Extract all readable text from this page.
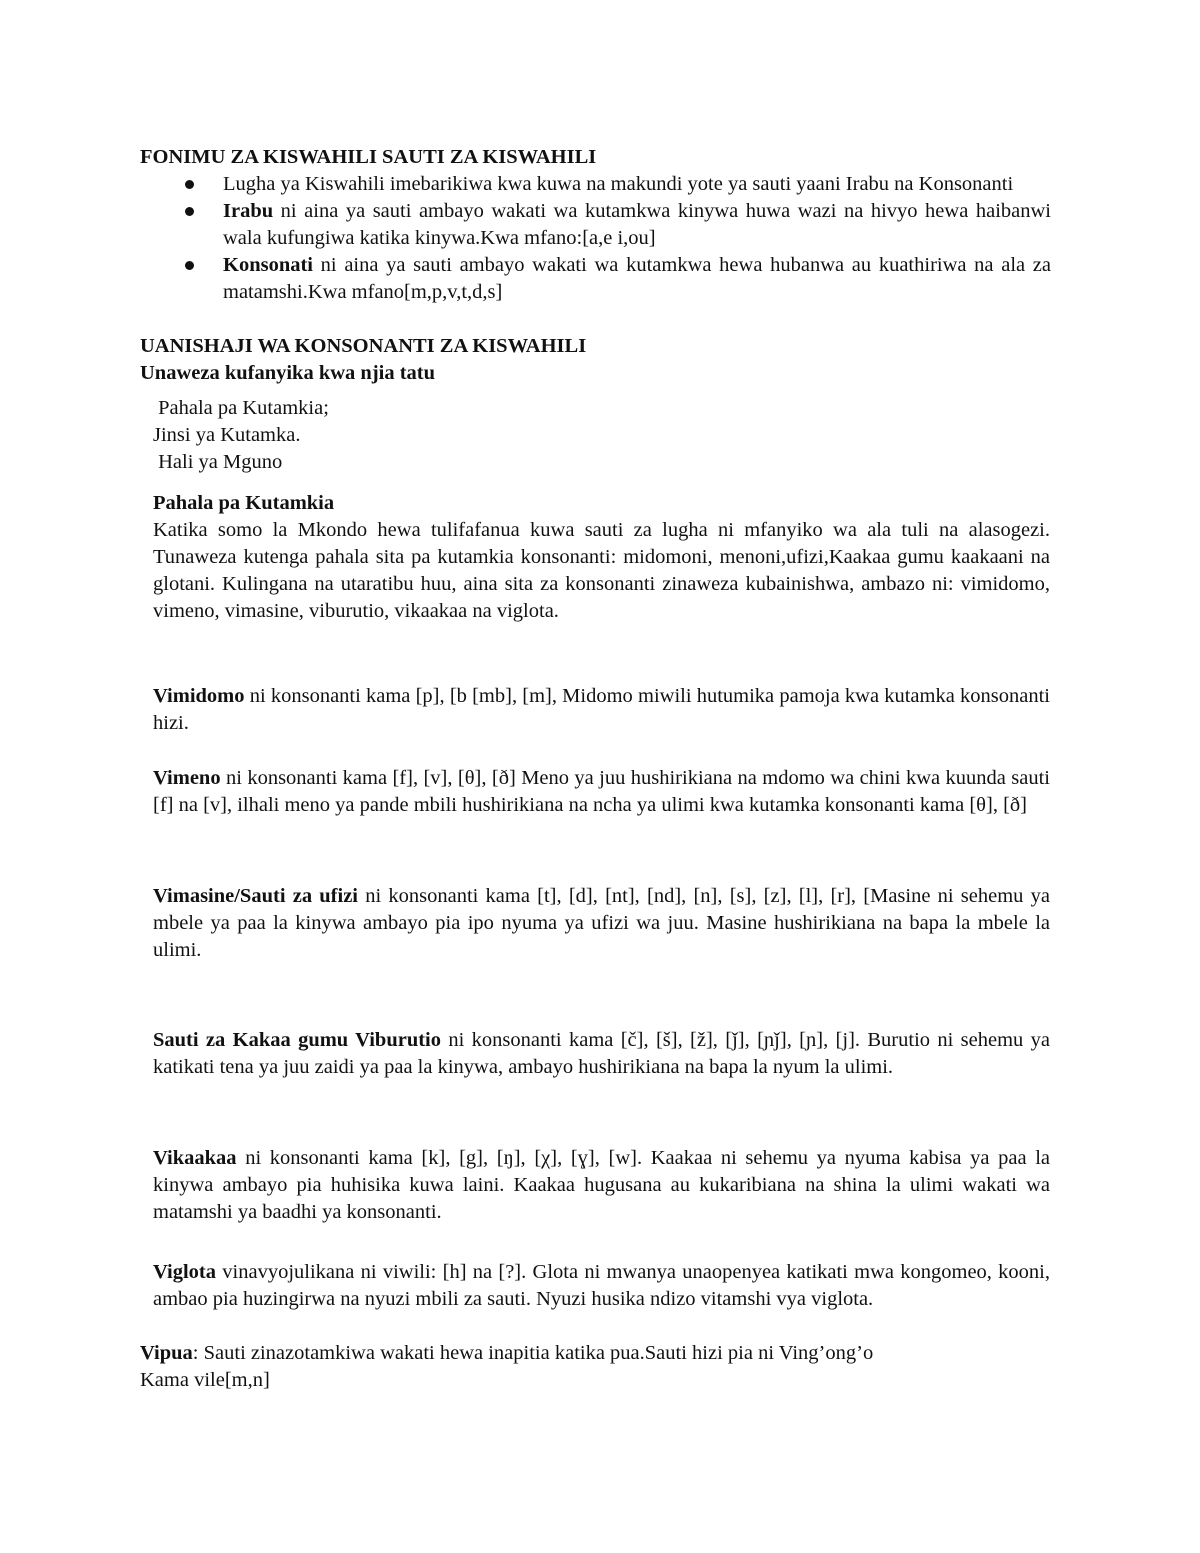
FONIMU ZA KISWAHILI SAUTI ZA KISWAHILI
Lugha ya Kiswahili imebarikiwa kwa kuwa na makundi yote ya sauti yaani Irabu na Konsonanti
Irabu ni aina ya sauti ambayo wakati wa kutamkwa kinywa huwa wazi na hivyo hewa haibanwi wala kufungiwa katika kinywa.Kwa mfano:[a,e i,ou]
Konsonati ni aina ya sauti ambayo wakati wa kutamkwa hewa hubanwa au kuathiriwa na ala za matamshi.Kwa mfano[m,p,v,t,d,s]
UANISHAJI WA KONSONANTI ZA KISWAHILI
Unaweza kufanyika kwa njia tatu
Pahala pa Kutamkia;
Jinsi ya Kutamka.
Hali ya Mguno
Pahala pa Kutamkia
Katika somo la Mkondo hewa tulifafanua kuwa sauti za lugha ni mfanyiko wa ala tuli na alasogezi. Tunaweza kutenga pahala sita pa kutamkia konsonanti: midomoni, menoni,ufizi,Kaakaa gumu kaakaani na glotani. Kulingana na utaratibu huu, aina sita za konsonanti zinaweza kubainishwa, ambazo ni: vimidomo, vimeno, vimasine, viburutio, vikaakaa na viglota.
Vimidomo ni konsonanti kama [p], [b [mb], [m], Midomo miwili hutumika pamoja kwa kutamka konsonanti hizi.
Vimeno ni konsonanti kama [f], [v], [θ], [ð] Meno ya juu hushirikiana na mdomo wa chini kwa kuunda sauti [f] na [v], ilhali meno ya pande mbili hushirikiana na ncha ya ulimi kwa kutamka konsonanti kama [θ], [ð]
Vimasine/Sauti za ufizi ni konsonanti kama [t], [d], [nt], [nd], [n], [s], [z], [l], [r], [Masine ni sehemu ya mbele ya paa la kinywa ambayo pia ipo nyuma ya ufizi wa juu. Masine hushirikiana na bapa la mbele la ulimi.
Sauti za Kakaa gumu Viburutio ni konsonanti kama [č], [š], [ž], [ǰ], [ɲǰ], [ɲ], [j]. Burutio ni sehemu ya katikati tena ya juu zaidi ya paa la kinywa, ambayo hushirikiana na bapa la nyum la ulimi.
Vikaakaa ni konsonanti kama [k], [g], [ŋ], [χ], [ɣ], [w]. Kaakaa ni sehemu ya nyuma kabisa ya paa la kinywa ambayo pia huhisika kuwa laini. Kaakaa hugusana au kukaribiana na shina la ulimi wakati wa matamshi ya baadhi ya konsonanti.
Viglota vinavyojulikana ni viwili: [h] na [?]. Glota ni mwanya unaopenyea katikati mwa kongomeo, kooni, ambao pia huzingirwa na nyuzi mbili za sauti. Nyuzi husika ndizo vitamshi vya viglota.
Vipua: Sauti zinazotamkiwa wakati hewa inapitia katika pua.Sauti hizi pia ni Ving’ong’o
Kama vile[m,n]
